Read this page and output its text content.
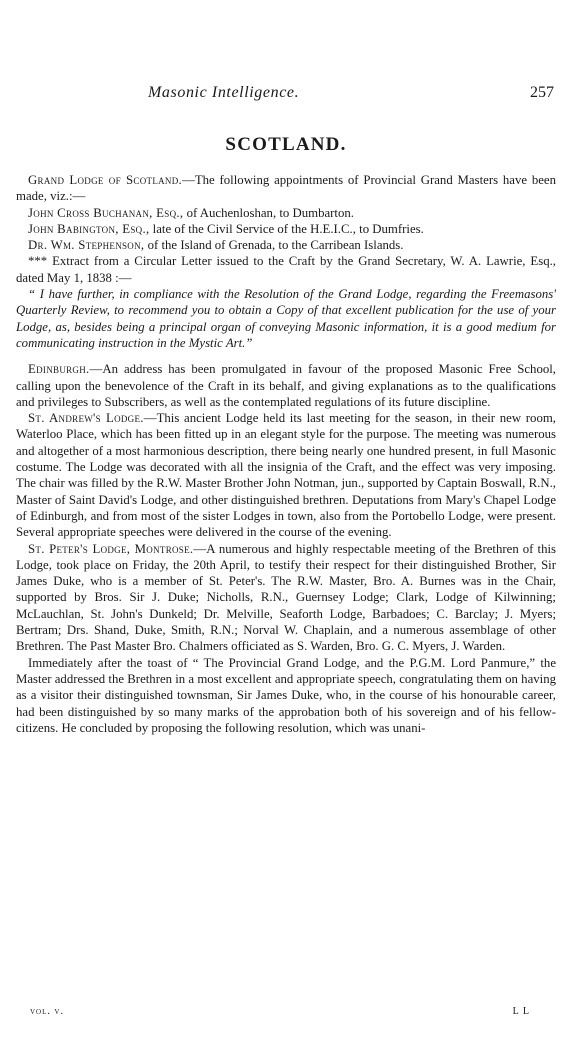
Masonic Intelligence.	257
SCOTLAND.

Grand Lodge of Scotland.—The following appointments of Provincial Grand Masters have been made, viz.:—

John Cross Buchanan, Esq., of Auchenloshan, to Dumbarton.

John Babington, Esq., late of the Civil Service of the H.E.I.C., to Dumfries.

Dr. Wm. Stephenson, of the Island of Grenada, to the Carribean Islands.

*** Extract from a Circular Letter issued to the Craft by the Grand Secretary, W. A. Lawrie, Esq., dated May 1, 1838 :—

“ I have further, in compliance with the Resolution of the Grand Lodge, regarding the Freemasons' Quarterly Review, to recommend you to obtain a Copy of that excellent publication for the use of your Lodge, as, besides being a principal organ of conveying Masonic information, it is a good medium for communicating instruction in the Mystic Art.”

Edinburgh.—An address has been promulgated in favour of the proposed Masonic Free School, calling upon the benevolence of the Craft in its behalf, and giving explanations as to the qualifications and privileges to Subscribers, as well as the contemplated regulations of its future discipline.

St. Andrew's Lodge.—This ancient Lodge held its last meeting for the season, in their new room, Waterloo Place, which has been fitted up in an elegant style for the purpose. The meeting was numerous and altogether of a most harmonious description, there being nearly one hundred present, in full Masonic costume. The Lodge was decorated with all the insignia of the Craft, and the effect was very imposing. The chair was filled by the R.W. Master Brother John Notman, jun., supported by Captain Boswall, R.N., Master of Saint David's Lodge, and other distinguished brethren. Deputations from Mary's Chapel Lodge of Edinburgh, and from most of the sister Lodges in town, also from the Portobello Lodge, were present. Several appropriate speeches were delivered in the course of the evening.

St. Peter's Lodge, Montrose.—A numerous and highly respectable meeting of the Brethren of this Lodge, took place on Friday, the 20th April, to testify their respect for their distinguished Brother, Sir James Duke, who is a member of St. Peter's. The R.W. Master, Bro. A. Burnes was in the Chair, supported by Bros. Sir J. Duke; Nicholls, R.N., Guernsey Lodge; Clark, Lodge of Kilwinning; McLauchlan, St. John's Dunkeld; Dr. Melville, Seaforth Lodge, Barbadoes; C. Barclay; J. Myers; Bertram; Drs. Shand, Duke, Smith, R.N.; Norval W. Chaplain, and a numerous assemblage of other Brethren. The Past Master Bro. Chalmers officiated as S. Warden, Bro. G. C. Myers, J. Warden.

Immediately after the toast of “ The Provincial Grand Lodge, and the P.G.M. Lord Panmure,” the Master addressed the Brethren in a most excellent and appropriate speech, congratulating them on having as a visitor their distinguished townsman, Sir James Duke, who, in the course of his honourable career, had been distinguished by so many marks of the approbation both of his sovereign and of his fellow-citizens. He concluded by proposing the following resolution, which was unani-

vol. v.	L L
